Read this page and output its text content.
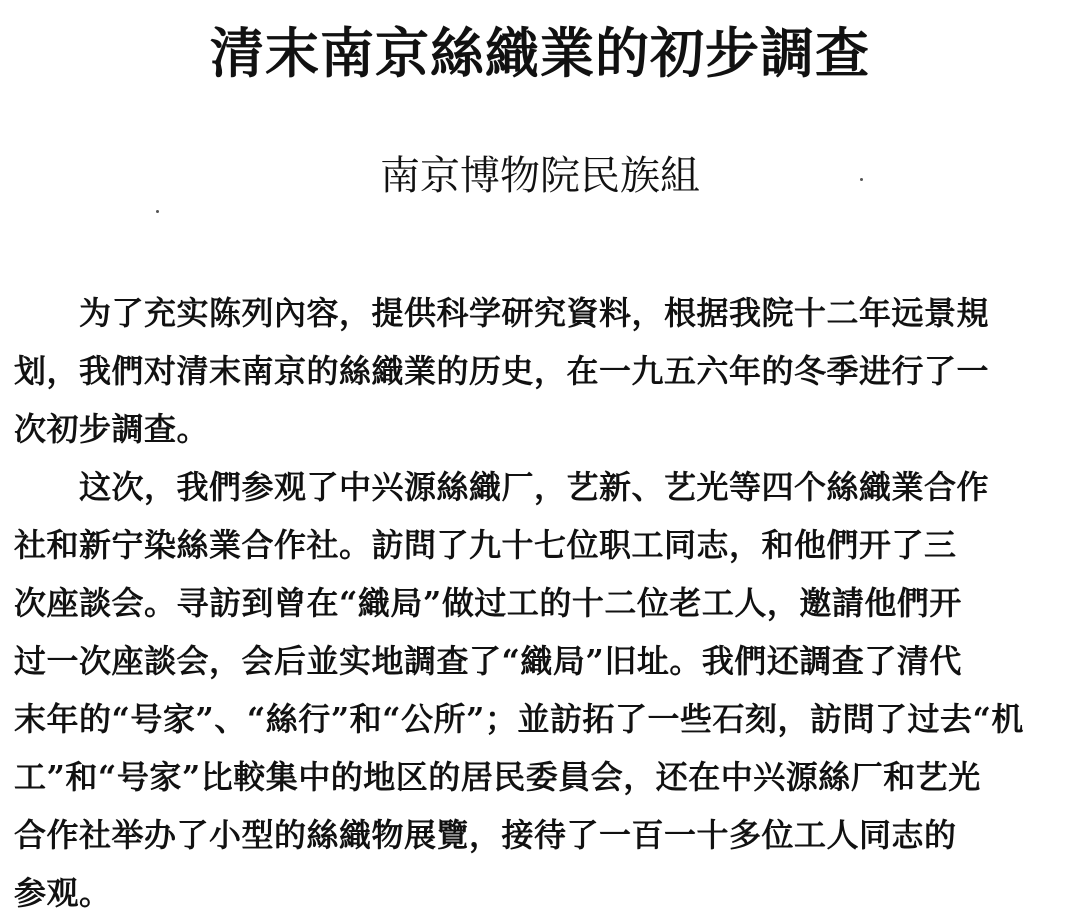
清末南京絲織業的初步調查
南京博物院民族組
　　为了充实陈列內容，提供科学研究資料，根据我院十二年远景規
划，我們对清末南京的絲織業的历史，在一九五六年的冬季进行了一
次初步調查。
　　这次，我們参观了中兴源絲織厂，艺新、艺光等四个絲織業合作
社和新宁染絲業合作社。訪問了九十七位职工同志，和他們开了三
次座談会。寻訪到曾在“織局”做过工的十二位老工人，邀請他們开
过一次座談会，会后並实地調查了“織局”旧址。我們还調查了清代
末年的“号家”、“絲行”和“公所”；並訪拓了一些石刻，訪問了过去“机
工”和“号家”比較集中的地区的居民委員会，还在中兴源絲厂和艺光
合作社举办了小型的絲織物展覽，接待了一百一十多位工人同志的
参观。
